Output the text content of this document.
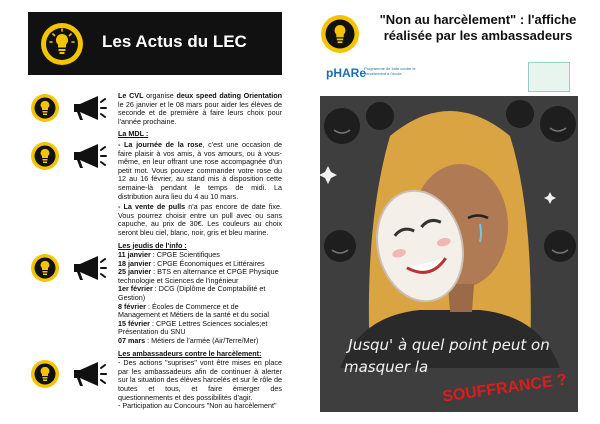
Les Actus du LEC

Le CVL organise deux speed dating Orientation le 26 janvier et le 08 mars pour aider les élèves de seconde et de première à faire leurs choix pour l'année prochaine.

La MDL :

- La journée de la rose, c'est une occasion de faire plaisir à vos amis, à vos amours, ou à vous-même, en leur offrant une rose accompagnée d'un petit mot. Vous pouvez commander votre rose du 12 au 16 février, au stand mis à disposition cette semaine-là pendant le temps de midi. La distribution aura lieu du 4 au 10 mars.

- La vente de pulls n'a pas encore de date fixe. Vous pourrez choisir entre un pull avec ou sans capuche, au prix de 30€. Les couleurs au choix seront bleu ciel, blanc, noir, gris et bleu marine.

Les jeudis de l'info :

11 janvier : CPGE Scientifiques
18 janvier : CPGE Économiques et Littéraires
25 janvier : BTS en alternance et CPGE Physique technologie et Sciences de l'ingénieur
1er février : DCG (Diplôme de Comptabilité et Gestion)
8 février : Écoles de Commerce et de Management et Métiers de la santé et du social
15 février : CPGE Lettres Sciences sociales;et Présentation du SNU
07 mars : Métiers de l'armée (Air/Terre/Mer)

Les ambassadeurs contre le harcèlement:

- Des actions "suprises" vont être mises en place par les ambassadeurs afin de continuer à alerter sur la situation des élèves harcelés et sur le rôle de toutes et tous, et faire émerger des questionnements et des possibilités d'agir.

- Participation au Concours "Non au harcèlement"

"Non au harcèlement" : l'affiche
réalisée par les ambassadeurs
pHARe
Programme de lutte contre le harcèlement à l'école
Jusqu' à quel point peut on
masquer la
SOUFFRANCE ?
